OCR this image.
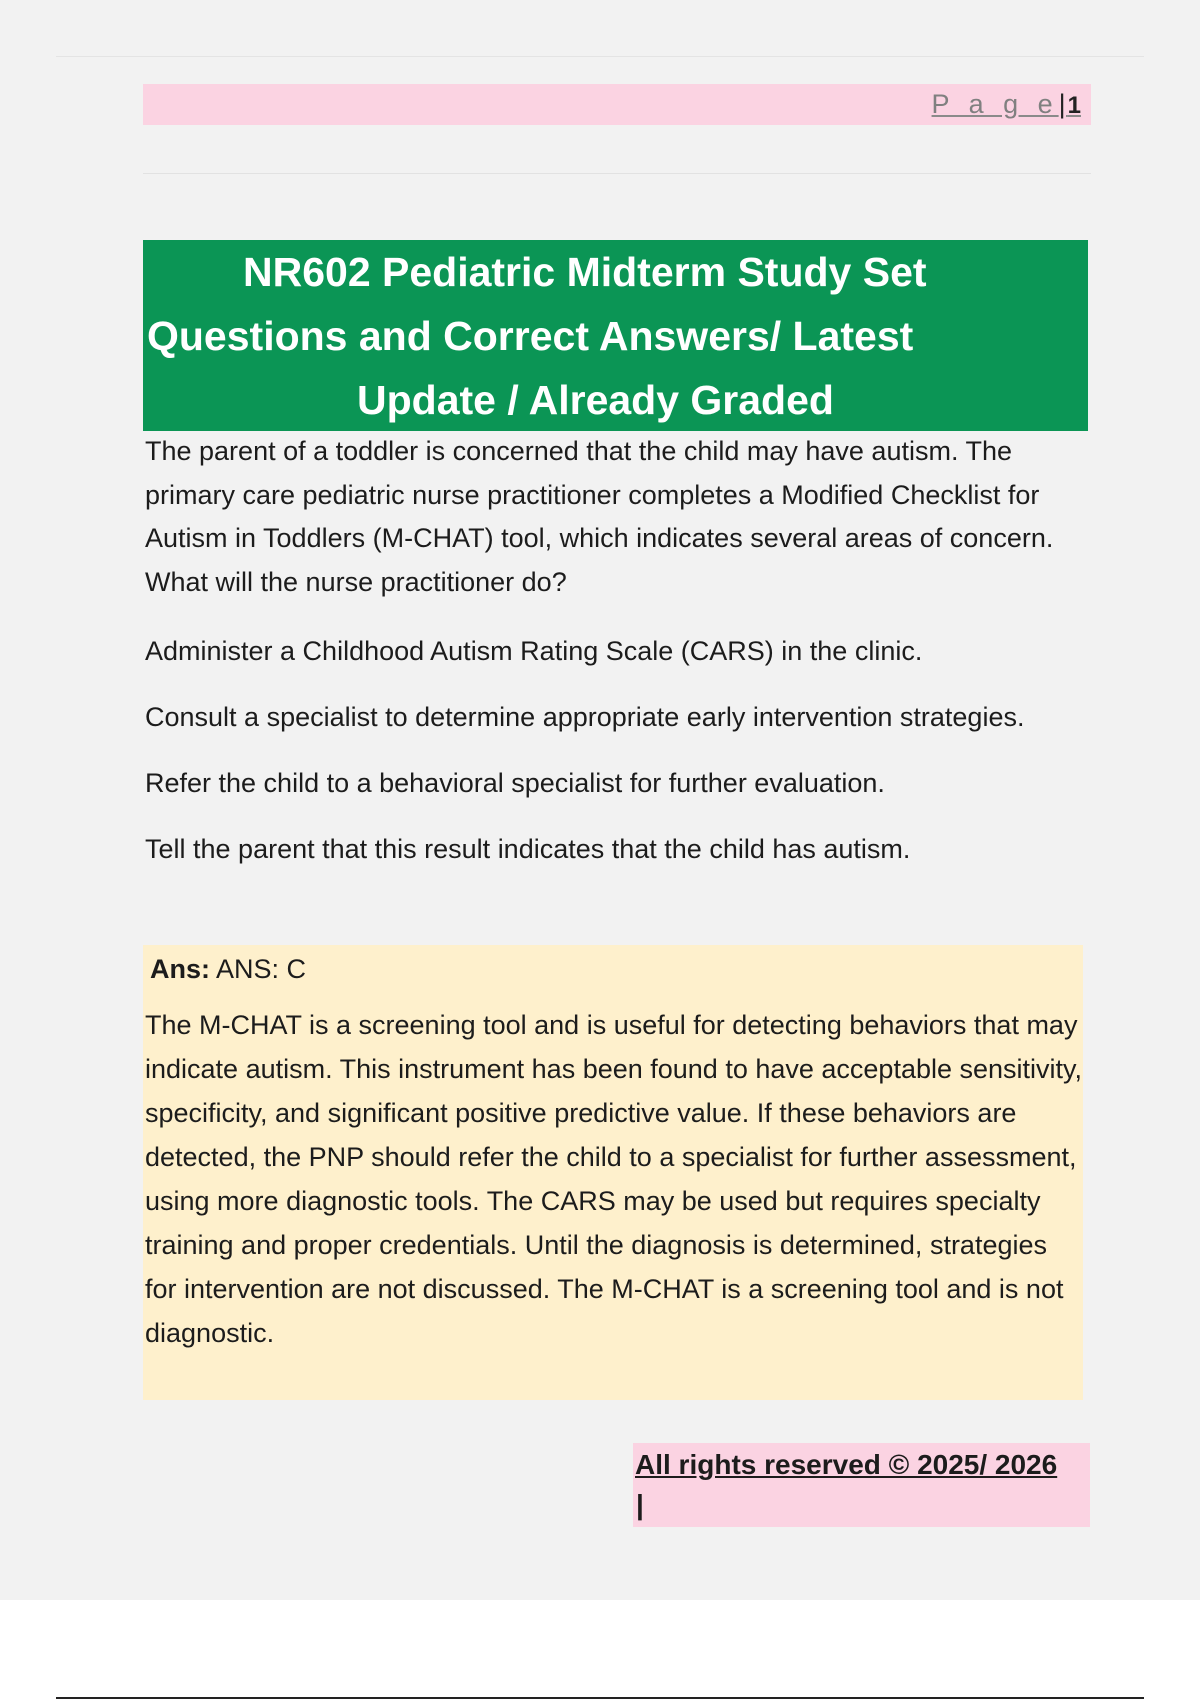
P a g e|1
NR602 Pediatric Midterm Study Set
Questions and Correct Answers/ Latest
Update / Already Graded

The parent of a toddler is concerned that the child may have autism. The primary care pediatric nurse practitioner completes a Modified Checklist for Autism in Toddlers (M-CHAT) tool, which indicates several areas of concern. What will the nurse practitioner do?

Administer a Childhood Autism Rating Scale (CARS) in the clinic.

Consult a specialist to determine appropriate early intervention strategies.

Refer the child to a behavioral specialist for further evaluation.

Tell the parent that this result indicates that the child has autism.

Ans: ANS: C

The M-CHAT is a screening tool and is useful for detecting behaviors that may indicate autism. This instrument has been found to have acceptable sensitivity, specificity, and significant positive predictive value. If these behaviors are detected, the PNP should refer the child to a specialist for further assessment, using more diagnostic tools. The CARS may be used but requires specialty training and proper credentials. Until the diagnosis is determined, strategies for intervention are not discussed. The M-CHAT is a screening tool and is not diagnostic.

All rights reserved © 2025/ 2026
|
